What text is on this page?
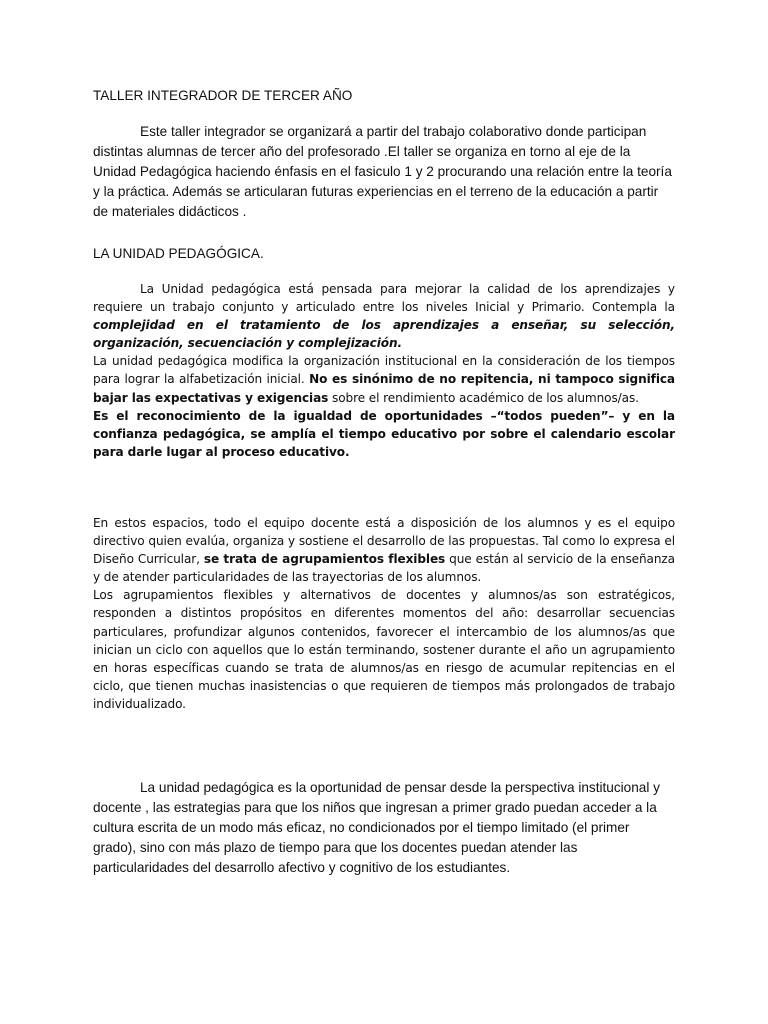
TALLER INTEGRADOR DE TERCER AÑO

Este taller integrador se organizará a partir del trabajo colaborativo donde participan distintas alumnas de tercer año del profesorado .El taller se organiza en torno al eje de la Unidad Pedagógica haciendo énfasis en el fasiculo 1 y 2 procurando una relación entre la teoría y la práctica. Además se articularan futuras experiencias en el terreno de la educación a partir de materiales didácticos .

LA UNIDAD PEDAGÓGICA.

La Unidad pedagógica está pensada para mejorar la calidad de los aprendizajes y requiere un trabajo conjunto y articulado entre los niveles Inicial y Primario. Contempla la complejidad en el tratamiento de los aprendizajes a enseñar, su selección, organización, secuenciación y complejización.

La unidad pedagógica modifica la organización institucional en la consideración de los tiempos para lograr la alfabetización inicial. No es sinónimo de no repitencia, ni tampoco significa bajar las expectativas y exigencias sobre el rendimiento académico de los alumnos/as.

Es el reconocimiento de la igualdad de oportunidades –“todos pueden”– y en la confianza pedagógica, se amplía el tiempo educativo por sobre el calendario escolar para darle lugar al proceso educativo.

En estos espacios, todo el equipo docente está a disposición de los alumnos y es el equipo directivo quien evalúa, organiza y sostiene el desarrollo de las propuestas. Tal como lo expresa el Diseño Curricular, se trata de agrupamientos flexibles que están al servicio de la enseñanza y de atender particularidades de las trayectorias de los alumnos.

Los agrupamientos flexibles y alternativos de docentes y alumnos/as son estratégicos, responden a distintos propósitos en diferentes momentos del año: desarrollar secuencias particulares, profundizar algunos contenidos, favorecer el intercambio de los alumnos/as que inician un ciclo con aquellos que lo están terminando, sostener durante el año un agrupamiento en horas específicas cuando se trata de alumnos/as en riesgo de acumular repitencias en el ciclo, que tienen muchas inasistencias o que requieren de tiempos más prolongados de trabajo individualizado.

La unidad pedagógica es la oportunidad de pensar desde la perspectiva institucional y docente , las estrategias para que los niños que ingresan a primer grado puedan acceder a la cultura escrita de un modo más eficaz, no condicionados por el tiempo limitado (el primer grado), sino con más plazo de tiempo para que los docentes puedan atender las particularidades del desarrollo afectivo y cognitivo de los estudiantes.
